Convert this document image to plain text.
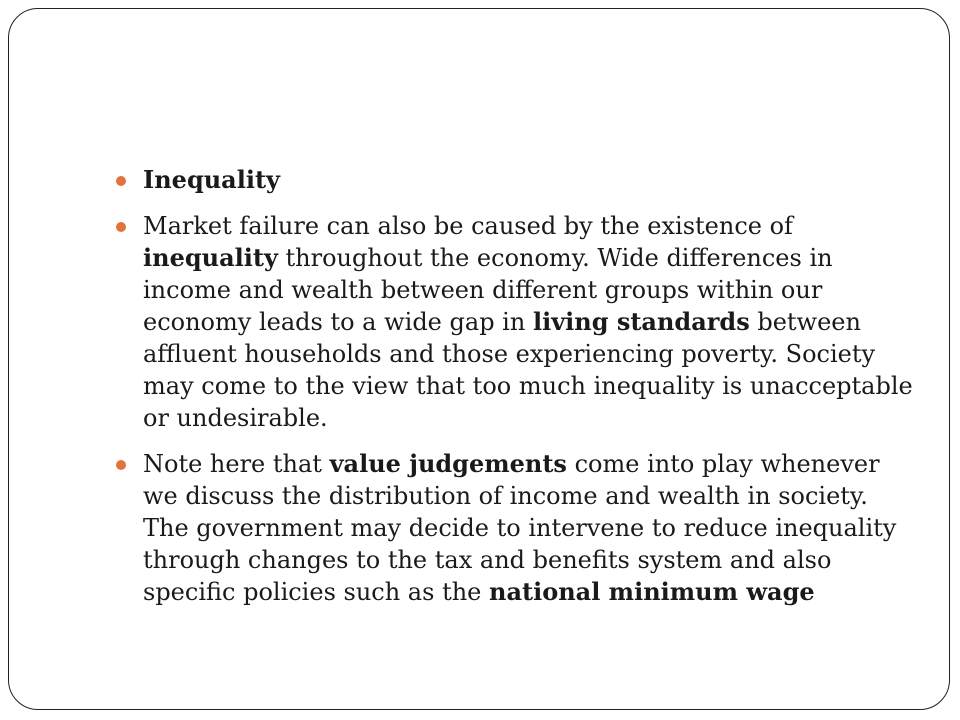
Inequality
Market failure can also be caused by the existence of inequality throughout the economy. Wide differences in income and wealth between different groups within our economy leads to a wide gap in living standards between affluent households and those experiencing poverty. Society may come to the view that too much inequality is unacceptable or undesirable.
Note here that value judgements come into play whenever we discuss the distribution of income and wealth in society. The government may decide to intervene to reduce inequality through changes to the tax and benefits system and also specific policies such as the national minimum wage
